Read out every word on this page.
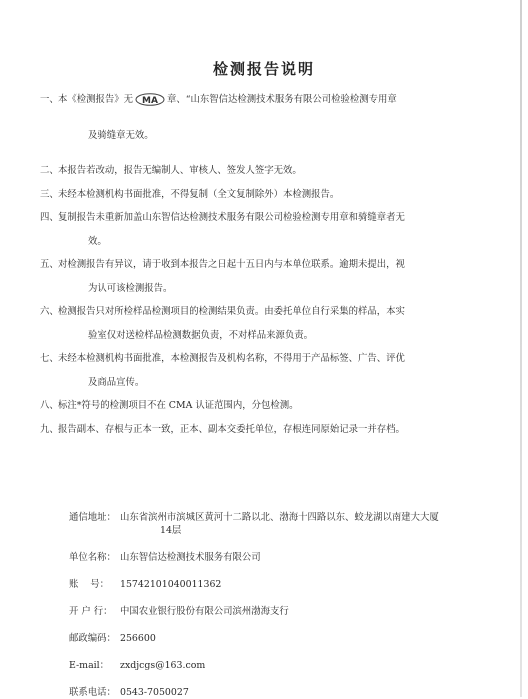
检测报告说明
一、 本《检测报告》无 MA 章、“山东智信达检测技术服务有限公司检验检测专用章
及骑缝章无效。
二、 本报告若改动，报告无编制人、审核人、签发人签字无效。
三、 未经本检测机构书面批准，不得复制（全文复制除外）本检测报告。
四、 复制报告未重新加盖山东智信达检测技术服务有限公司检验检测专用章和骑缝章者无
效。
五、 对检测报告有异议，请于收到本报告之日起十五日内与本单位联系。逾期未提出，视
为认可该检测报告。
六、 检测报告只对所检样品检测项目的检测结果负责。由委托单位自行采集的样品，本实
验室仅对送检样品检测数据负责，不对样品来源负责。
七、 未经本检测机构书面批准，本检测报告及机构名称，不得用于产品标签、广告、评优
及商品宣传。
八、 标注*符号的检测项目不在 CMA 认证范围内，分包检测。
九、 报告副本、存根与正本一致，正本、副本交委托单位，存根连同原始记录一并存档。
通信地址： 山东省滨州市滨城区黄河十二路以北、渤海十四路以东、蛟龙湖以南建大大厦
14层
单位名称： 山东智信达检测技术服务有限公司
账    号：	15742101040011362
开 户 行： 中国农业银行股份有限公司滨州渤海支行
邮政编码： 256600
E-mail：	zxdjcgs@163.com
联系电话： 0543-7050027
